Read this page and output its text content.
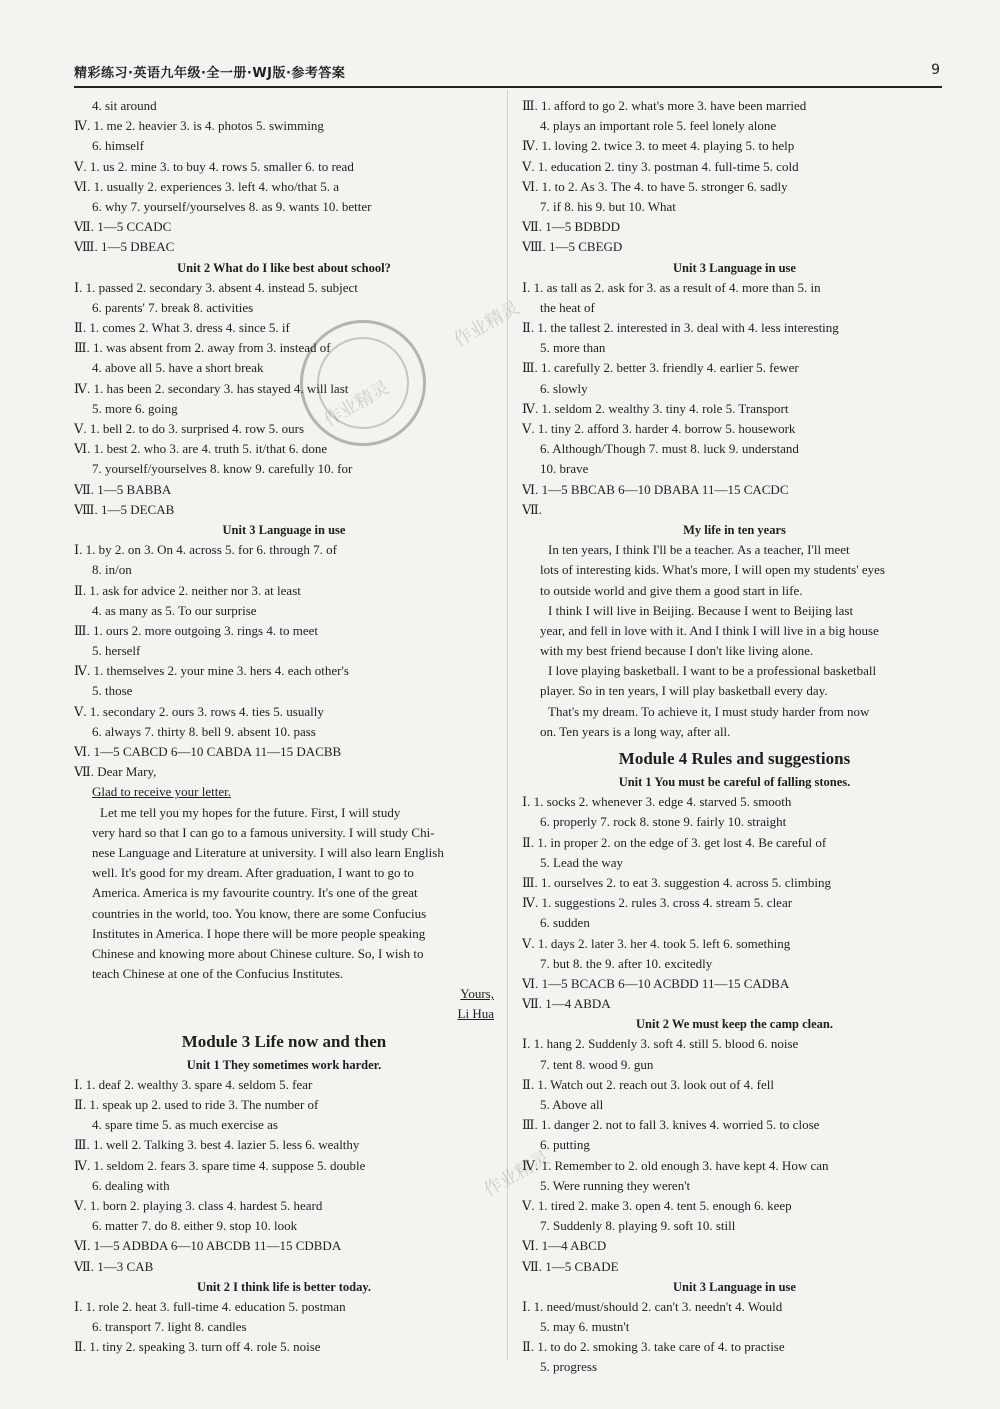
精彩练习·英语九年级·全一册·WJ版·参考答案	9
4. sit around
Ⅳ. 1. me 2. heavier 3. is 4. photos 5. swimming
6. himself
Ⅴ. 1. us 2. mine 3. to buy 4. rows 5. smaller 6. to read
Ⅵ. 1. usually 2. experiences 3. left 4. who/that 5. a
6. why 7. yourself/yourselves 8. as 9. wants 10. better
Ⅶ. 1—5 CCADC
Ⅷ. 1—5 DBEAC
Unit 2 What do I like best about school?
Ⅰ. 1. passed 2. secondary 3. absent 4. instead 5. subject
6. parents' 7. break 8. activities
Ⅱ. 1. comes 2. What 3. dress 4. since 5. if
Ⅲ. 1. was absent from 2. away from 3. instead of
4. above all 5. have a short break
Ⅳ. 1. has been 2. secondary 3. has stayed 4. will last
5. more 6. going
Ⅴ. 1. bell 2. to do 3. surprised 4. row 5. ours
Ⅵ. 1. best 2. who 3. are 4. truth 5. it/that 6. done
7. yourself/yourselves 8. know 9. carefully 10. for
Ⅶ. 1—5 BABBA
Ⅷ. 1—5 DECAB
Unit 3 Language in use
Ⅰ. 1. by 2. on 3. On 4. across 5. for 6. through 7. of
8. in/on
Ⅱ. 1. ask for advice 2. neither nor 3. at least
4. as many as 5. To our surprise
Ⅲ. 1. ours 2. more outgoing 3. rings 4. to meet
5. herself
Ⅳ. 1. themselves 2. your mine 3. hers 4. each other's
5. those
Ⅴ. 1. secondary 2. ours 3. rows 4. ties 5. usually
6. always 7. thirty 8. bell 9. absent 10. pass
Ⅵ. 1—5 CABCD 6—10 CABDA 11—15 DACBB
Ⅶ. Dear Mary,
Glad to receive your letter.
Let me tell you my hopes for the future. First, I will study
very hard so that I can go to a famous university. I will study Chi-
nese Language and Literature at university. I will also learn English
well. It's good for my dream. After graduation, I want to go to
America. America is my favourite country. It's one of the great
countries in the world, too. You know, there are some Confucius
Institutes in America. I hope there will be more people speaking
Chinese and knowing more about Chinese culture. So, I wish to
teach Chinese at one of the Confucius Institutes.
Yours,
Li Hua
Module 3 Life now and then
Unit 1 They sometimes work harder.
Ⅰ. 1. deaf 2. wealthy 3. spare 4. seldom 5. fear
Ⅱ. 1. speak up 2. used to ride 3. The number of
4. spare time 5. as much exercise as
Ⅲ. 1. well 2. Talking 3. best 4. lazier 5. less 6. wealthy
Ⅳ. 1. seldom 2. fears 3. spare time 4. suppose 5. double
6. dealing with
Ⅴ. 1. born 2. playing 3. class 4. hardest 5. heard
6. matter 7. do 8. either 9. stop 10. look
Ⅵ. 1—5 ADBDA 6—10 ABCDB 11—15 CDBDA
Ⅶ. 1—3 CAB
Unit 2 I think life is better today.
Ⅰ. 1. role 2. heat 3. full-time 4. education 5. postman
6. transport 7. light 8. candles
Ⅱ. 1. tiny 2. speaking 3. turn off 4. role 5. noise
Ⅲ. 1. afford to go 2. what's more 3. have been married
4. plays an important role 5. feel lonely alone
Ⅳ. 1. loving 2. twice 3. to meet 4. playing 5. to help
Ⅴ. 1. education 2. tiny 3. postman 4. full-time 5. cold
Ⅵ. 1. to 2. As 3. The 4. to have 5. stronger 6. sadly
7. if 8. his 9. but 10. What
Ⅶ. 1—5 BDBDD
Ⅷ. 1—5 CBEGD
Unit 3 Language in use
Ⅰ. 1. as tall as 2. ask for 3. as a result of 4. more than 5. in
the heat of
Ⅱ. 1. the tallest 2. interested in 3. deal with 4. less interesting
5. more than
Ⅲ. 1. carefully 2. better 3. friendly 4. earlier 5. fewer
6. slowly
Ⅳ. 1. seldom 2. wealthy 3. tiny 4. role 5. Transport
Ⅴ. 1. tiny 2. afford 3. harder 4. borrow 5. housework
6. Although/Though 7. must 8. luck 9. understand
10. brave
Ⅵ. 1—5 BBCAB 6—10 DBABA 11—15 CACDC
Ⅶ.
My life in ten years
In ten years, I think I'll be a teacher. As a teacher, I'll meet
lots of interesting kids. What's more, I will open my students' eyes
to outside world and give them a good start in life.
I think I will live in Beijing. Because I went to Beijing last
year, and fell in love with it. And I think I will live in a big house
with my best friend because I don't like living alone.
I love playing basketball. I want to be a professional basketball
player. So in ten years, I will play basketball every day.
That's my dream. To achieve it, I must study harder from now
on. Ten years is a long way, after all.
Module 4 Rules and suggestions
Unit 1 You must be careful of falling stones.
Ⅰ. 1. socks 2. whenever 3. edge 4. starved 5. smooth
6. properly 7. rock 8. stone 9. fairly 10. straight
Ⅱ. 1. in proper 2. on the edge of 3. get lost 4. Be careful of
5. Lead the way
Ⅲ. 1. ourselves 2. to eat 3. suggestion 4. across 5. climbing
Ⅳ. 1. suggestions 2. rules 3. cross 4. stream 5. clear
6. sudden
Ⅴ. 1. days 2. later 3. her 4. took 5. left 6. something
7. but 8. the 9. after 10. excitedly
Ⅵ. 1—5 BCACB 6—10 ACBDD 11—15 CADBA
Ⅶ. 1—4 ABDA
Unit 2 We must keep the camp clean.
Ⅰ. 1. hang 2. Suddenly 3. soft 4. still 5. blood 6. noise
7. tent 8. wood 9. gun
Ⅱ. 1. Watch out 2. reach out 3. look out of 4. fell
5. Above all
Ⅲ. 1. danger 2. not to fall 3. knives 4. worried 5. to close
6. putting
Ⅳ. 1. Remember to 2. old enough 3. have kept 4. How can
5. Were running they weren't
Ⅴ. 1. tired 2. make 3. open 4. tent 5. enough 6. keep
7. Suddenly 8. playing 9. soft 10. still
Ⅵ. 1—4 ABCD
Ⅶ. 1—5 CBADE
Unit 3 Language in use
Ⅰ. 1. need/must/should 2. can't 3. needn't 4. Would
5. may 6. mustn't
Ⅱ. 1. to do 2. smoking 3. take care of 4. to practise
5. progress
作业精灵
作业精灵
作业精灵
